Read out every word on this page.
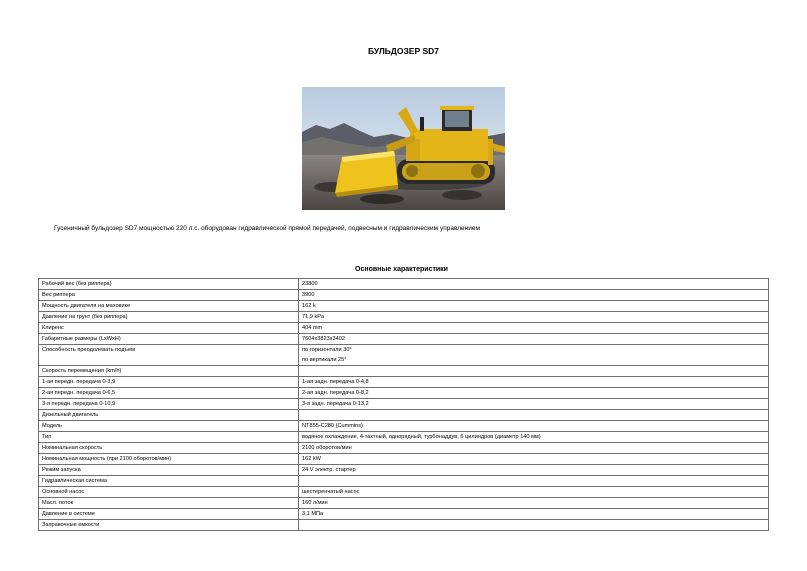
БУЛЬДОЗЕР SD7
Гусеничный бульдозер SD7 мощностью 220 л.с. оборудован гидравлической прямой передачей, подвесным и гидравлическим управлением
Основные характеристики
Рабочий вес (без риппера)	23800
Вес риппера	3900
Мощность двигателя на маховике	162 k
Давление на грунт (без риппера)	71,9 kPa
Клиренс	404 mm
Габаритные размеры (LxWxH)	7604x3823x3402
Способность преодолевать подъем	по горизонтали 30°
по вертикали 25°

Скорость перемещения (km/h)	
1-ая передн. передача 0-3,9	1-ая задн. передача 0-4,8
2-ая передн. передача 0-6,5	2-ая задн. передача 0-8,2
3-я передн. передача 0-10,9	3-я задн. передача 0-13,2
Дизельный двигатель	
Модель	NT855-C280 (Cummins)
Тип	водяное охлаждение, 4-тактный, однорядный, турбонаддув, 6 цилиндров (диаметр 140 мм)
Номинальная скорость	2100 оборотов/мин
Номинальная мощность (при 2100 оборотов/мин)	162 kW
Режим запуска	24 V электр. стартер
Гидравлическая система	
Основной насос	шестеренчатый насос
Масл. поток	160 л/мин
Давление в системе	3,1 МПа
Заправочные емкости	
